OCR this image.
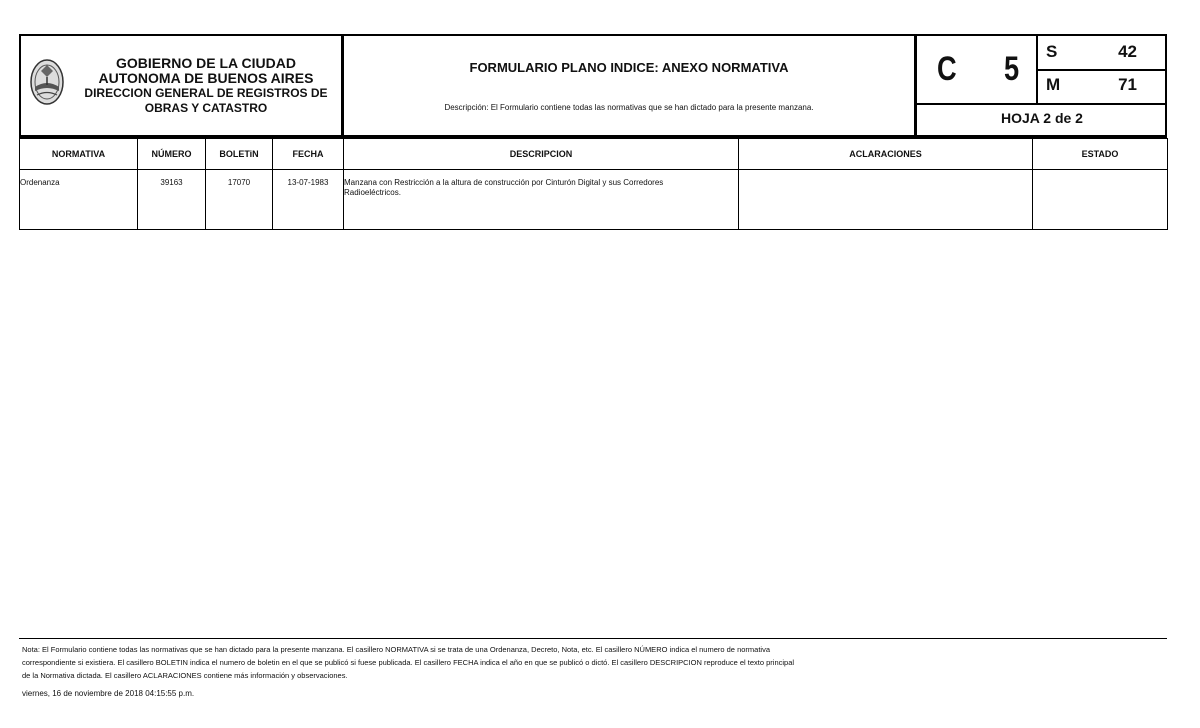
GOBIERNO DE LA CIUDAD
AUTONOMA DE BUENOS AIRES
DIRECCION GENERAL DE REGISTROS DE
OBRAS Y CATASTRO
FORMULARIO PLANO INDICE: ANEXO NORMATIVA
Descripción: El Formulario contiene todas las normativas que se han dictado para la presente manzana.
C 5 S	42
M	71
HOJA 2 de 2
NORMATIVA	NÚMERO	BOLETiN	FECHA	DESCRIPCION	ACLARACIONES	ESTADO
Ordenanza	39163	17070	13-07-1983	Manzana con Restricción a la altura de construcción por Cinturón Digital y sus Corredores
Radioeléctricos.		

Nota: El Formulario contiene todas las normativas que se han dictado para la presente manzana. El casillero NORMATIVA si se trata de una Ordenanza, Decreto, Nota, etc. El casillero NÚMERO indica el numero de normativa

correspondiente si existiera. El casillero BOLETIN indica el numero de boletin en el que se publicó si fuese publicada. El casillero FECHA indica el año en que se publicó o dictó. El casillero DESCRIPCION reproduce el texto principal

de la Normativa dictada. El casillero ACLARACIONES contiene más información y observaciones.

viernes, 16 de noviembre de 2018 04:15:55 p.m.
